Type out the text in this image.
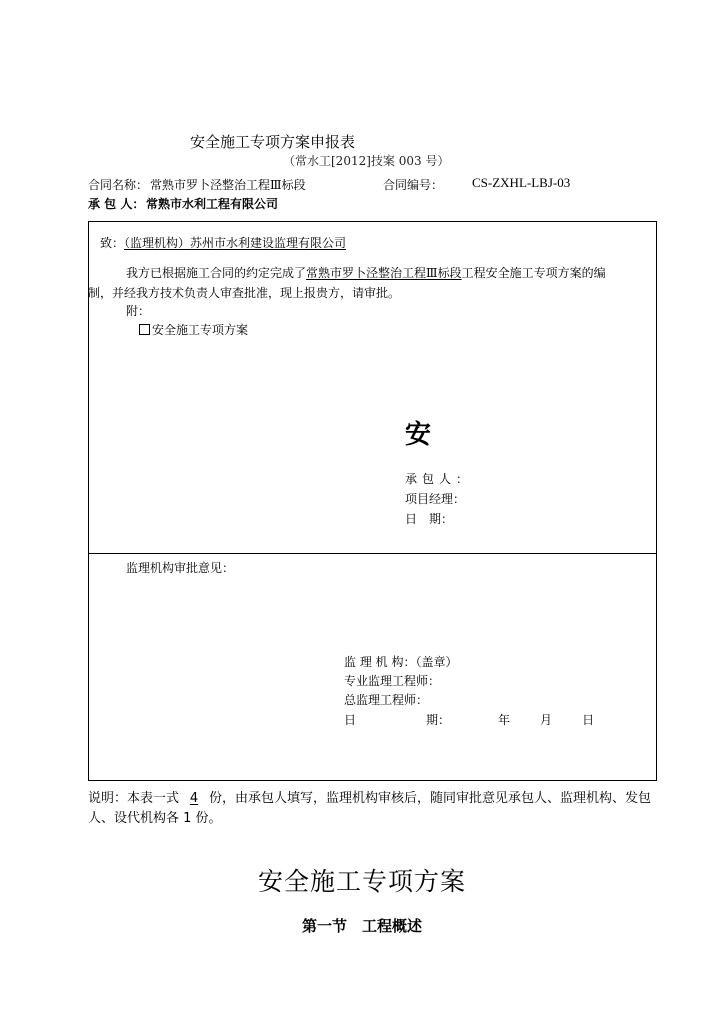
安全施工专项方案申报表
（常水工[2012]技案 003 号）
合同名称： 常熟市罗卜泾整治工程Ⅲ标段	合同编号： CS-ZXHL-LBJ-03
承 包 人： 常熟市水利工程有限公司
致：（监理机构）苏州市水利建设监理有限公司
我方已根据施工合同的约定完成了常熟市罗卜泾整治工程Ⅲ标段工程安全施工专项方案的编
制，并经我方技术负责人审查批准，现上报贵方，请审批。
附：
安全施工专项方案
安
承包人：
项目经理：
日　期：
监理机构审批意见：
监 理 机 构：（盖章）
专业监理工程师：
总监理工程师：
日	期：	年	月	日
说明：本表一式 4 份，由承包人填写，监理机构审核后，随同审批意见承包人、监理机构、发包
人、设代机构各 1 份。
安全施工专项方案
第一节　工程概述
